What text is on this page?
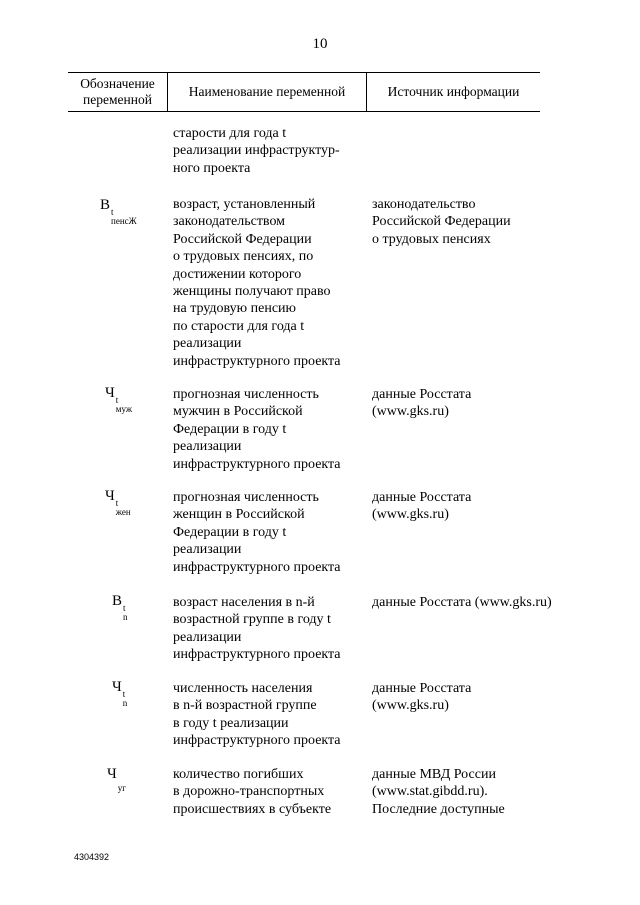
10
Обозначение переменной
Наименование переменной	Источник информации
старости для года t
реализации инфраструктур-
ного проекта
В t
пенсЖ
возраст, установленный
законодательством
Российской Федерации
о трудовых пенсиях, по
достижении которого
женщины получают право
на трудовую пенсию
по старости для года t
реализации
инфраструктурного проекта
законодательство
Российской Федерации
о трудовых пенсиях
Ч t
муж
прогнозная численность
мужчин в Российской
Федерации в году t
реализации
инфраструктурного проекта
данные Росстата
(www.gks.ru)
Ч t
жен
прогнозная численность
женщин в Российской
Федерации в году t
реализации
инфраструктурного проекта
данные Росстата
(www.gks.ru)
В t
n
возраст населения в n-й
возрастной группе в году t
реализации
инфраструктурного проекта
данные Росстата (www.gks.ru)
Ч t
n
численность населения
в n-й возрастной группе
в году t реализации
инфраструктурного проекта
данные Росстата
(www.gks.ru)
Ч
уг
количество погибших
в дорожно-транспортных
происшествиях в субъекте
данные МВД России
(www.stat.gibdd.ru).
Последние доступные
4304392
